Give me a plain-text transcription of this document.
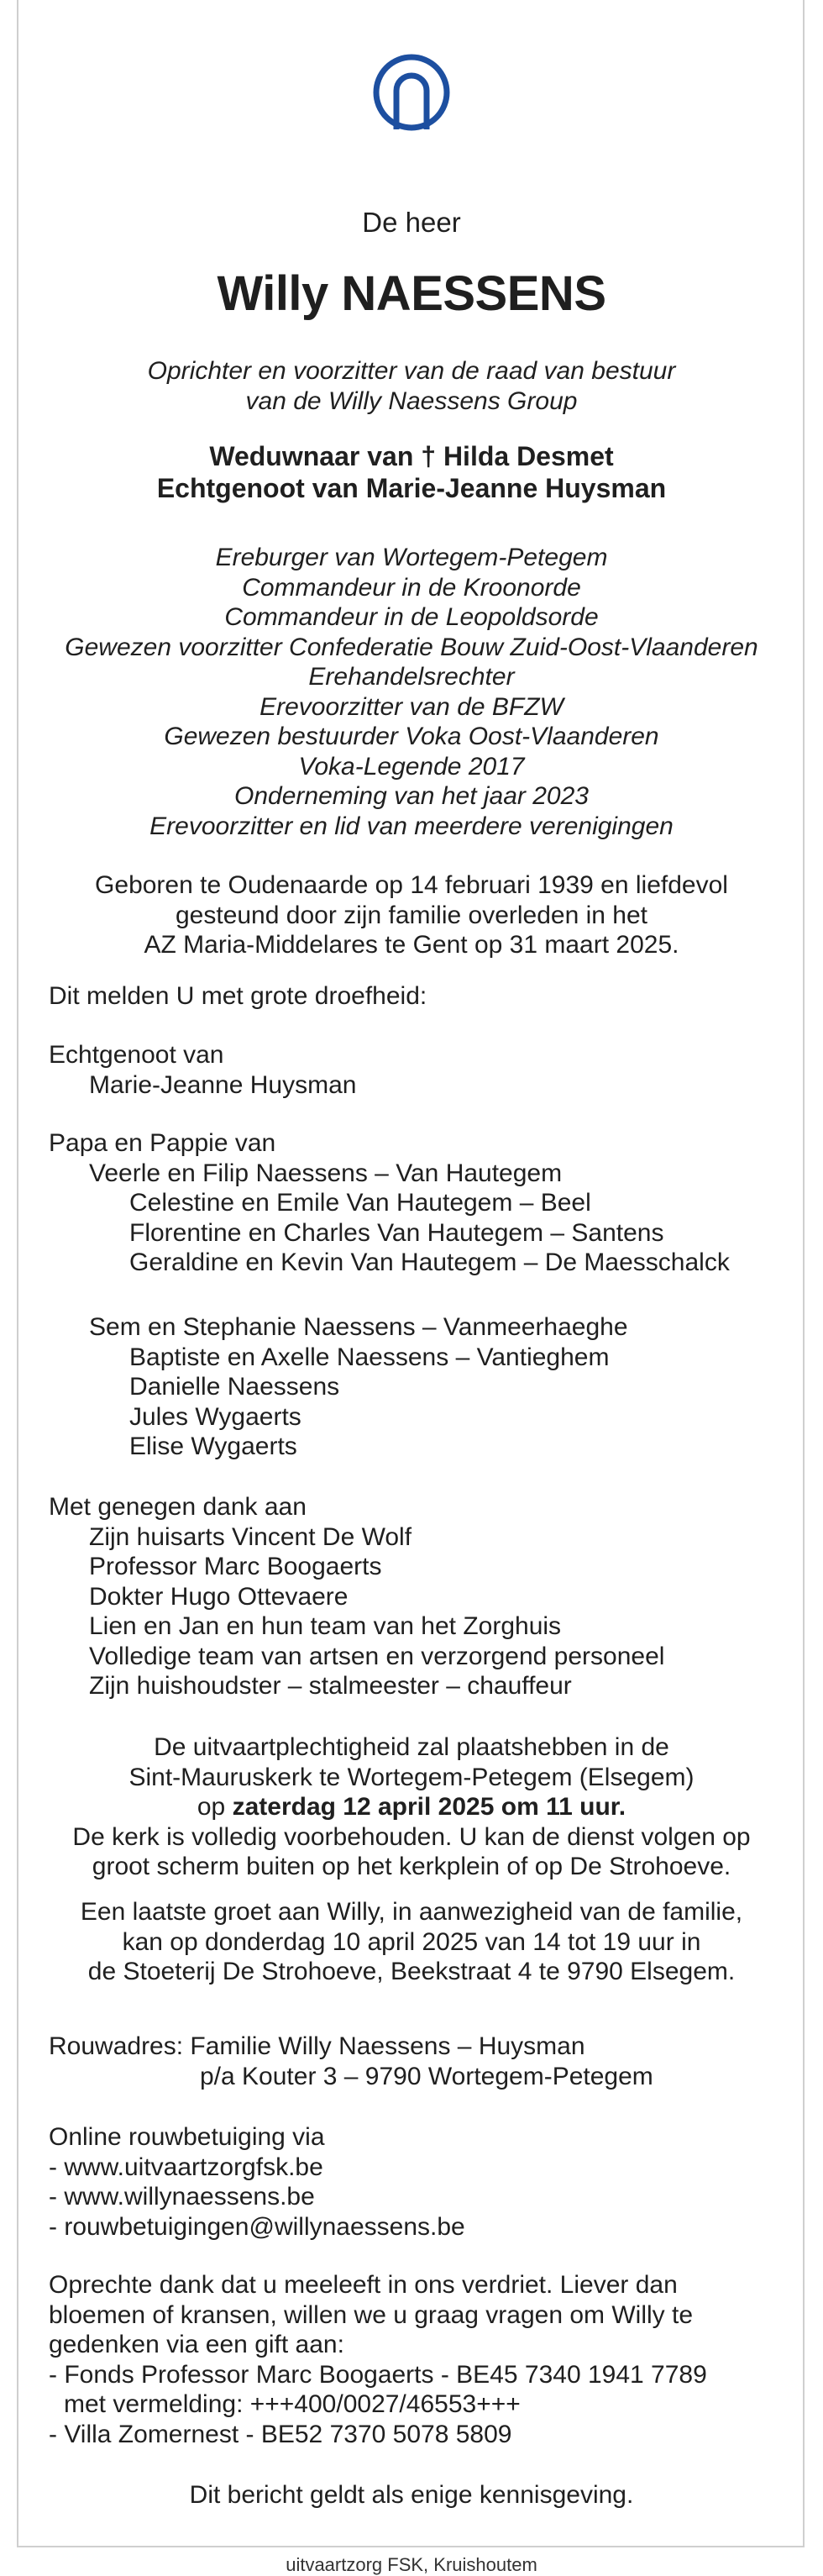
De heer
Willy NAESSENS
Oprichter en voorzitter van de raad van bestuur
van de Willy Naessens Group
Weduwnaar van † Hilda Desmet
Echtgenoot van Marie-Jeanne Huysman
Ereburger van Wortegem-Petegem
Commandeur in de Kroonorde
Commandeur in de Leopoldsorde
Gewezen voorzitter Confederatie Bouw Zuid-Oost-Vlaanderen
Erehandelsrechter
Erevoorzitter van de BFZW
Gewezen bestuurder Voka Oost-Vlaanderen
Voka-Legende 2017
Onderneming van het jaar 2023
Erevoorzitter en lid van meerdere verenigingen
Geboren te Oudenaarde op 14 februari 1939 en liefdevol
gesteund door zijn familie overleden in het
AZ Maria-Middelares te Gent op 31 maart 2025.
Dit melden U met grote droefheid:
Echtgenoot van
Marie-Jeanne Huysman
Papa en Pappie van
Veerle en Filip Naessens – Van Hautegem
Celestine en Emile Van Hautegem – Beel
Florentine en Charles Van Hautegem – Santens
Geraldine en Kevin Van Hautegem – De Maesschalck
Sem en Stephanie Naessens – Vanmeerhaeghe
Baptiste en Axelle Naessens – Vantieghem
Danielle Naessens
Jules Wygaerts
Elise Wygaerts
Met genegen dank aan
Zijn huisarts Vincent De Wolf
Professor Marc Boogaerts
Dokter Hugo Ottevaere
Lien en Jan en hun team van het Zorghuis
Volledige team van artsen en verzorgend personeel
Zijn huishoudster – stalmeester – chauffeur
De uitvaartplechtigheid zal plaatshebben in de
Sint-Mauruskerk te Wortegem-Petegem (Elsegem)
op zaterdag 12 april 2025 om 11 uur.
De kerk is volledig voorbehouden. U kan de dienst volgen op
groot scherm buiten op het kerkplein of op De Strohoeve.
Een laatste groet aan Willy, in aanwezigheid van de familie,
kan op donderdag 10 april 2025 van 14 tot 19 uur in
de Stoeterij De Strohoeve, Beekstraat 4 te 9790 Elsegem.
Rouwadres: Familie Willy Naessens – Huysman
p/a Kouter 3 – 9790 Wortegem-Petegem
Online rouwbetuiging via
- www.uitvaartzorgfsk.be
- www.willynaessens.be
- rouwbetuigingen@willynaessens.be
Oprechte dank dat u meeleeft in ons verdriet. Liever dan
bloemen of kransen, willen we u graag vragen om Willy te
gedenken via een gift aan:
- Fonds Professor Marc Boogaerts - BE45 7340 1941 7789
met vermelding: +++400/0027/46553+++
- Villa Zomernest - BE52 7370 5078 5809
Dit bericht geldt als enige kennisgeving.
uitvaartzorg FSK, Kruishoutem
